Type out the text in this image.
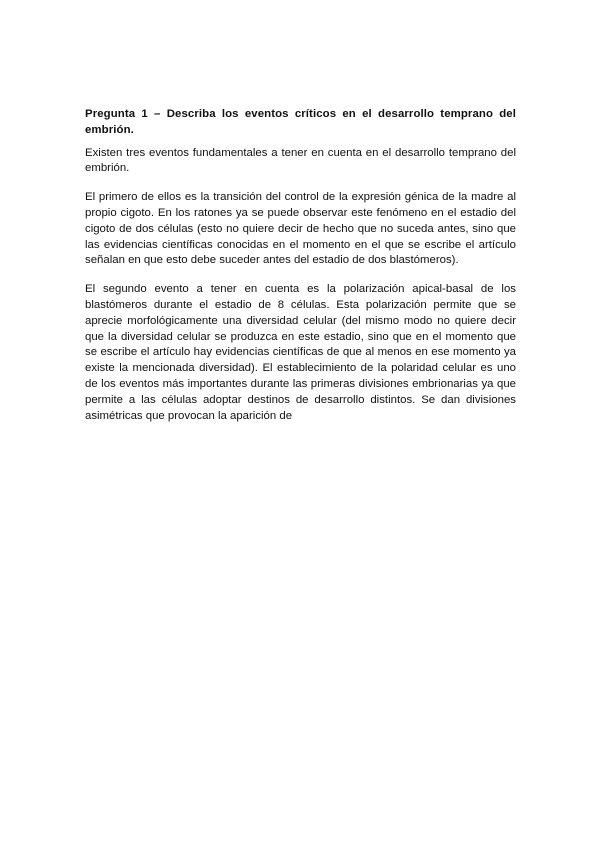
Pregunta 1 – Describa los eventos críticos en el desarrollo temprano del embrión.

Existen tres eventos fundamentales a tener en cuenta en el desarrollo temprano del embrión.

El primero de ellos es la transición del control de la expresión génica de la madre al propio cigoto. En los ratones ya se puede observar este fenómeno en el estadio del cigoto de dos células (esto no quiere decir de hecho que no suceda antes, sino que las evidencias científicas conocidas en el momento en el que se escribe el artículo señalan en que esto debe suceder antes del estadio de dos blastómeros).

El segundo evento a tener en cuenta es la polarización apical-basal de los blastómeros durante el estadio de 8 células. Esta polarización permite que se aprecie morfológicamente una diversidad celular (del mismo modo no quiere decir que la diversidad celular se produzca en este estadio, sino que en el momento que se escribe el artículo hay evidencias científicas de que al menos en ese momento ya existe la mencionada diversidad). El establecimiento de la polaridad celular es uno de los eventos más importantes durante las primeras divisiones embrionarias ya que permite a las células adoptar destinos de desarrollo distintos. Se dan divisiones asimétricas que provocan la aparición de
